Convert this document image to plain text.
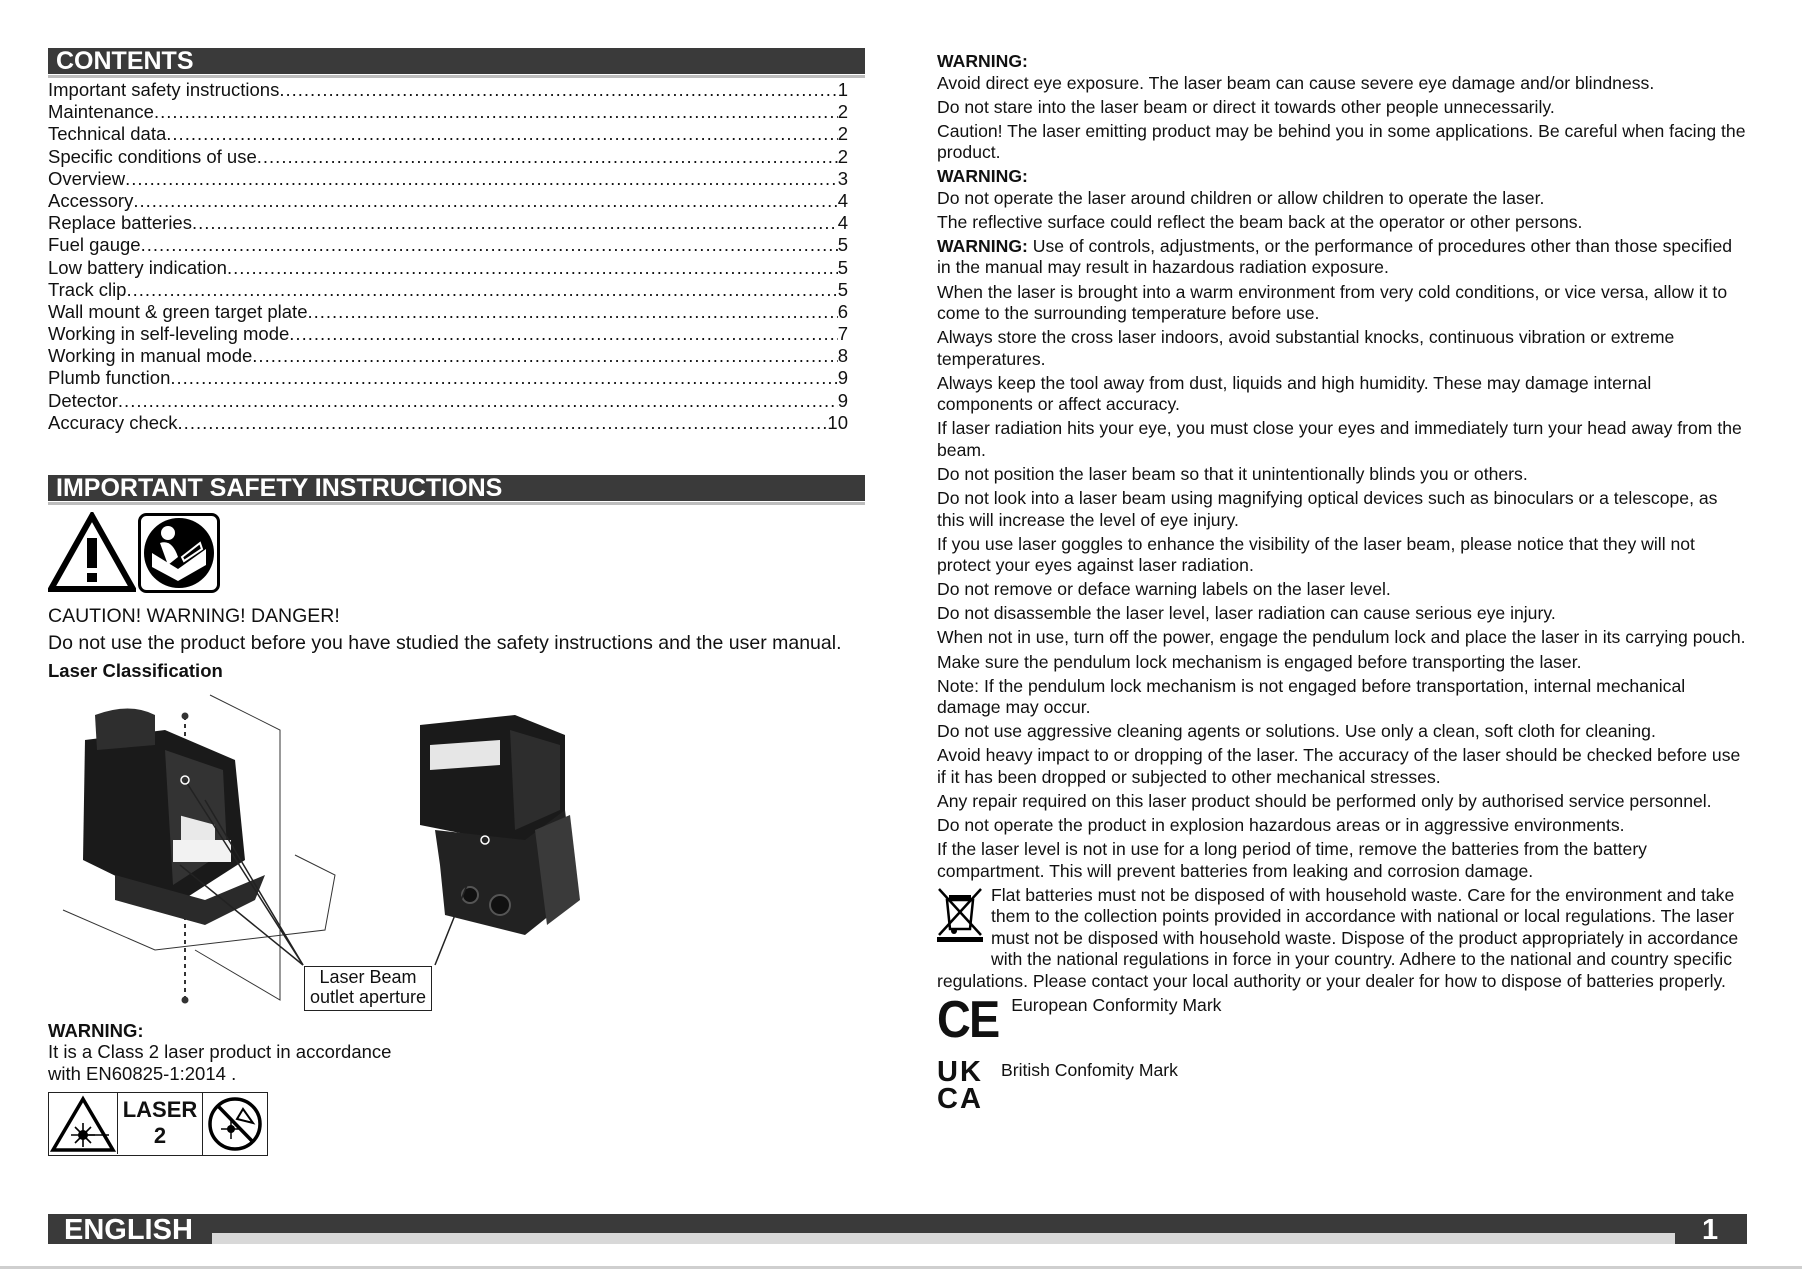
CONTENTS
Important safety instructions .....	1
Maintenance .....	2
Technical data .....	2
Specific conditions of use .....	2
Overview .....	3
Accessory .....	4
Replace batteries .....	4
Fuel gauge .....	5
Low battery indication .....	5
Track clip .....	5
Wall mount & green target plate .....	6
Working in self-leveling mode .....	7
Working in manual mode .....	8
Plumb function .....	9
Detector .....	9
Accuracy check .....	10
IMPORTANT SAFETY INSTRUCTIONS
CAUTION! WARNING! DANGER!
Do not use the product before you have studied the safety instructions and the user manual.
Laser Classification
Laser Beam
outlet aperture
WARNING:
It is a Class 2 laser product in accordance
with EN60825-1:2014 .
LASER
2

WARNING:

Avoid direct eye exposure. The laser beam can cause severe eye damage and/or blindness.

Do not stare into the laser beam or direct it towards other people unnecessarily.

Caution! The laser emitting product may be behind you in some applications. Be careful when facing the product.

WARNING:

Do not operate the laser around children or allow children to operate the laser.

The reflective surface could reflect the beam back at the operator or other persons.

WARNING: Use of controls, adjustments, or the performance of procedures other than those specified in the manual may result in hazardous radiation exposure.

When the laser is brought into a warm environment from very cold conditions, or vice versa, allow it to come to the surrounding temperature before use.

Always store the cross laser indoors, avoid substantial knocks, continuous vibration or extreme temperatures.

Always keep the tool away from dust, liquids and high humidity. These may damage internal components or affect accuracy.

If laser radiation hits your eye, you must close your eyes and immediately turn your head away from the beam.

Do not position the laser beam so that it unintentionally blinds you or others.

Do not look into a laser beam using magnifying optical devices such as binoculars or a telescope, as this will increase the level of eye injury.

If you use laser goggles to enhance the visibility of the laser beam, please notice that they will not protect your eyes against laser radiation.

Do not remove or deface warning labels on the laser level.

Do not disassemble the laser level, laser radiation can cause serious eye injury.

When not in use, turn off the power, engage the pendulum lock and place the laser in its carrying pouch.

Make sure the pendulum lock mechanism is engaged before transporting the laser.

Note: If the pendulum lock mechanism is not engaged before transportation, internal mechanical damage may occur.

Do not use aggressive cleaning agents or solutions. Use only a clean, soft cloth for cleaning.

Avoid heavy impact to or dropping of the laser. The accuracy of the laser should be checked before use if it has been dropped or subjected to other mechanical stresses.

Any repair required on this laser product should be performed only by authorised service personnel.

Do not operate the product in explosion hazardous areas or in aggressive environments.

If the laser level is not in use for a long period of time, remove the batteries from the battery compartment. This will prevent batteries from leaking and corrosion damage.

Flat batteries must not be disposed of with household waste. Care for the environment and take them to the collection points provided in accordance with national or local regulations. The laser must not be disposed with household waste. Dispose of the product appropriately in accordance with the national regulations in force in your country. Adhere to the national and country specific

regulations. Please contact your local authority or your dealer for how to dispose of batteries properly.

CE European Conformity Mark
UKCA
British Confomity Mark
ENGLISH	1
